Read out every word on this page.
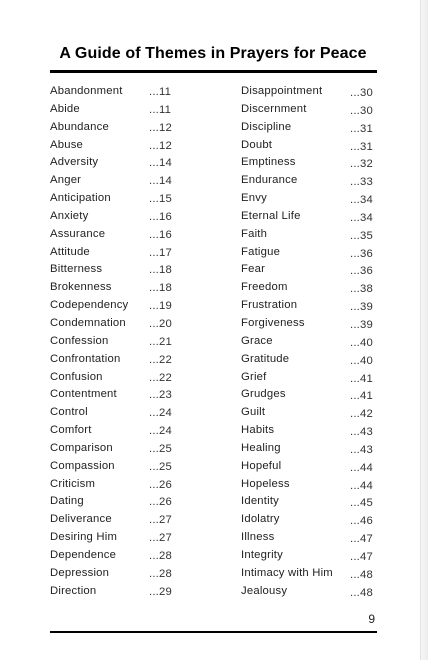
A Guide of Themes in Prayers for Peace
Abandonment ...11
Abide	...11
Abundance	...12
Abuse	...12
Adversity	...14
Anger	...14
Anticipation	...15
Anxiety	...16
Assurance	...16
Attitude	...17
Bitterness	...18
Brokenness	...18
Codependency ...19
Condemnation ...20
Confession	...21
Confrontation	...22
Confusion	...22
Contentment	...23
Control	...24
Comfort	...24
Comparison	...25
Compassion	...25
Criticism	...26
Dating	...26
Deliverance	...27
Desiring Him	...27
Dependence	...28
Depression	...28
Direction	...29
Disappointment ...30
Discernment	...30
Discipline	...31
Doubt	...31
Emptiness	...32
Endurance	...33
Envy	...34
Eternal Life	...34
Faith	...35
Fatigue	...36
Fear	...36
Freedom	...38
Frustration	...39
Forgiveness	...39
Grace	...40
Gratitude	...40
Grief	...41
Grudges	...41
Guilt	...42
Habits	...43
Healing	...43
Hopeful	...44
Hopeless	...44
Identity	...45
Idolatry	...46
Illness	...47
Integrity	...47
Intimacy with Him ...48
Jealousy	...48
9
